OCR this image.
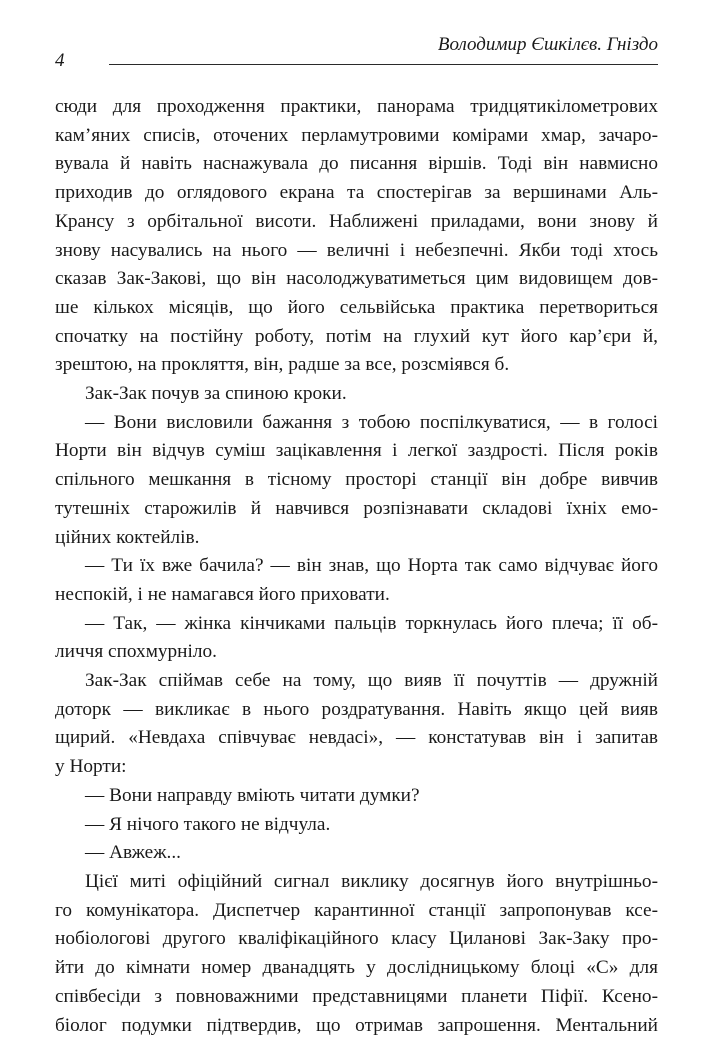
Володимир Єшкілєв. Гніздо
4
сюди для проходження практики, панорама тридцятикілометрових
кам’яних списів, оточених перламутровими комірами хмар, зачаро-
вувала й навіть наснажувала до писання віршів. Тоді він навмисно
приходив до оглядового екрана та спостерігав за вершинами Аль-
Крансу з орбітальної висоти. Наближені приладами, вони знову й
знову насувались на нього — величні і небезпечні. Якби тоді хтось
сказав Зак-Закові, що він насолоджуватиметься цим видовищем дов-
ше кількох місяців, що його сельвійська практика перетвориться
спочатку на постійну роботу, потім на глухий кут його кар’єри й,
зрештою, на прокляття, він, радше за все, розсміявся б.
Зак-Зак почув за спиною кроки.
— Вони висловили бажання з тобою поспілкуватися, — в голосі
Норти він відчув суміш зацікавлення і легкої заздрості. Після років
спільного мешкання в тісному просторі станції він добре вивчив
тутешніх старожилів й навчився розпізнавати складові їхніх емо-
ційних коктейлів.
— Ти їх вже бачила? — він знав, що Норта так само відчуває його
неспокій, і не намагався його приховати.
— Так, — жінка кінчиками пальців торкнулась його плеча; її об-
личчя спохмурніло.
Зак-Зак спіймав себе на тому, що вияв її почуттів — дружній
доторк — викликає в нього роздратування. Навіть якщо цей вияв
щирий. «Невдаха співчуває невдасі», — констатував він і запитав
у Норти:
— Вони направду вміють читати думки?
— Я нічого такого не відчула.
— Авжеж...
Цієї миті офіційний сигнал виклику досягнув його внутрішньо-
го комунікатора. Диспетчер карантинної станції запропонував ксе-
нобіологові другого кваліфікаційного класу Циланові Зак-Заку про-
йти до кімнати номер дванадцять у дослідницькому блоці «С» для
співбесіди з повноважними представницями планети Піфії. Ксено-
біолог подумки підтвердив, що отримав запрошення. Ментальний
